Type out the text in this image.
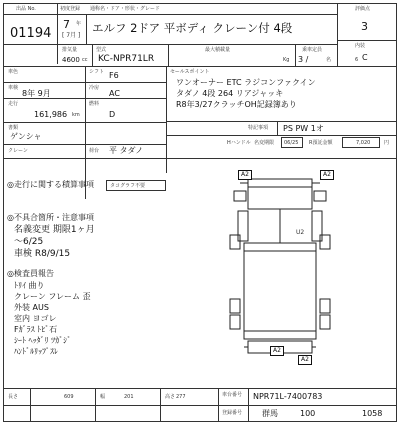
出品 No.
01194
初度登録
7 年
[ 7月 ]
通称名・ドア・形状・グレード
エルフ 2ドア 平ボディ クレーン付 4段
評価点
3
内装
C
排気量
4600 cc
型式
KC-NPR71LR
最大積載量
Kg
乗車定員
3 /	名	6
車色	シフト F6
車検
8年 9月
冷房
AC
走行
161,986 km
燃料
D
書類
ゲンシャ
クレーン	荷台 平 タダノ
セールスポイント
ワンオーナー ETC ラジコンファクイン
タダノ 4段 264 リアジャッキ
R8年3/27クラッチOH記録簿あり
特記事項 PS PW 1オ
Hハンドル 名変期限 06/25 R預託金額	7,020	円
◎走行に関する積算事項	タコグラフ不要
◎不具合箇所・注意事項
名義変更 期限1ヶ月
〜6/25
車検 R8/9/15
◎検査員報告
ﾄﾘｲ 曲り
クレーン フレーム 歪
外装 AUS
室内 ヨゴレ
Fｶﾞﾗｽ ﾄﾋﾞ石
ｼｰﾄ ﾍｯﾀﾞﾘ ﾂｶﾞｼﾞ
ﾊﾝﾄﾞﾙﾘｯﾌﾟｽﾚ
A2	A2
U2
A2
A2
長さ	609	幅	201	高さ 277	車台番号 NPR71L-7400783
登録番号 群馬	100	1058
